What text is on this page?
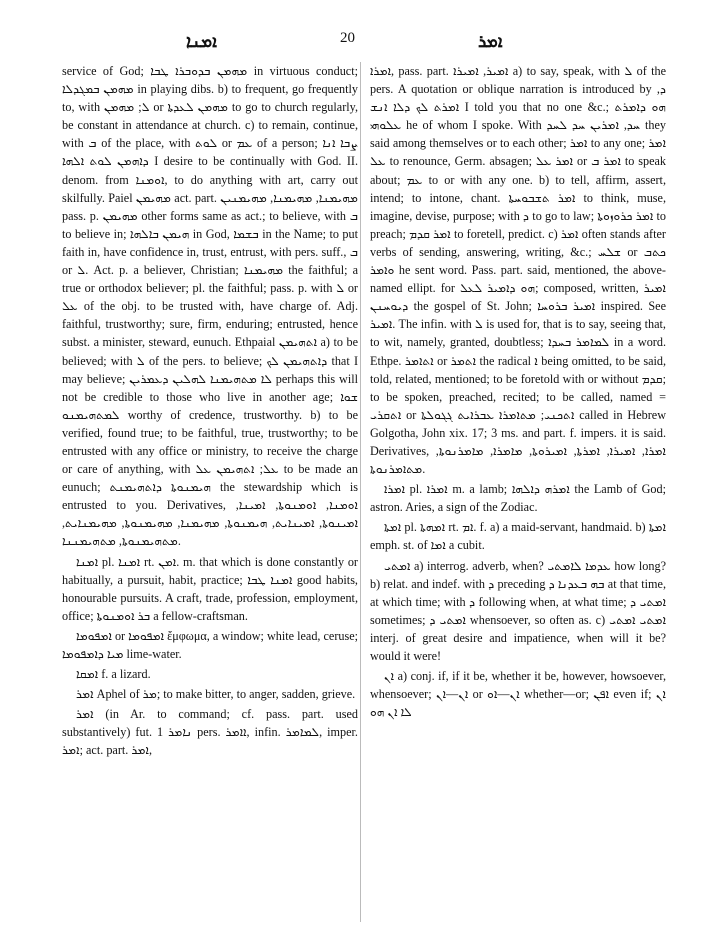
ܐܡܢܐ	20	ܐܡܪ

service of God; ܡܗܡܢ ܒܕܘܒܪܐ ܛܒܐ in virtuous conduct; ܡܗܡܢ ܒܡܓܕܠܐ in playing dibs. b) to frequent, go frequently to, with ܠ; ܡܗܡܢ or ܡܗܡܢ ܠܥܕܬܐ to go to church regularly, be constant in attendance at church. c) to remain, continue, with ܒ of the place, with ܠܘܬ or ܥܡ of a person; ܨܒܐ ܐܢܐ ܕܐܗܡܢ ܠܘܬ ܐܠܗܐ I desire to be continually with God. II. denom. from ܐܘܡܢܐ, to do anything with art, carry out skilfully. Paiel ܡܗܝܡܢ act. part. ܡܗܝܡܢܐ, ܡܗܝܡܢܐ, ܡܗܝܡܢܝܢ pass. p. ܡܗܝܡܢ other forms same as act.; to believe, with ܒ to believe in; ܗܝܡܢ ܒܐܠܗܐ in God, ܒܫܡܐ in the Name; to put faith in, have confidence in, trust, entrust, with pers. suff., ܒ or ܠ. Act. p. a believer, Christian; ܡܗܝܡܢܐ the faithful; a true or orthodox believer; pl. the faithful; pass. p. with ܠ or ܥܠ of the obj. to be trusted with, have charge of. Adj. faithful, trustworthy; sure, firm, enduring; entrusted, hence subst. a minister, steward, eunuch. Ethpaial ܐܬܗܝܡܢ a) to be believed; with ܠ of the pers. to believe; ܕܐܬܗܝܡܢ ܠܟ that I may believe; ܠܐ ܡܬܗܝܡܢܐ ܠܗܠܝܢ ܕܥܡܪܝܢ perhaps this will not be credible to those who live in another age; ܫܘܐ ܠܡܬܗܝܡܢܘ worthy of credence, trustworthy. b) to be verified, found true; to be faithful, true, trustworthy; to be entrusted with any office or ministry, to receive the charge or care of anything, with ܥܠ; ܐܬܗܝܡܢ ܥܠ to be made an eunuch; ܗܝܡܢܘܬܐ ܕܐܬܗܝܡܢܬ the stewardship which is entrusted to you. Derivatives, ܐܘܡܢܐ, ܐܘܡܢܘܬܐ, ܐܡܝܢܐ, ܐܡܝܢܘܬܐ, ܐܡܝܢܐܝܬ, ܗܝܡܢܘܬܐ, ܡܗܝܡܢܐ, ܡܗܝܡܢܘܬܐ, ܡܗܝܡܢܐܝܬ, ܡܬܗܝܡܢܘܬܐ, ܡܬܗܝܡܢܢܐ.

ܐܡܢܐ pl. ܐܡܢܐ rt. ܐܡܢ. m. that which is done constantly or habitually, a pursuit, habit, practice; ܐܡܢܐ ܛܒܐ good habits, honourable pursuits. A craft, trade, profession, employment, office; ܒܪ ܐܘܡܢܘܬܐ a fellow-craftsman.

ܐܡܦܘܡܐ or ܐܡܦܘܡܐ ἔμφωμα, a window; white lead, ceruse; ܡܝܐ ܕܐܡܦܘܡܐ lime-water.

ܐܡܩܐ f. a lizard.

ܐܡܪ Aphel of ܡܪ; to make bitter, to anger, sadden, grieve.

ܐܡܪ (in Ar. to command; cf. pass. part. used substantively) fut. ܢܐܡܪ 1 pers. ܐܐܡܪ, infin. ܠܡܐܡܪ, imper. ܐܡܪ; act. part. ܐܡܪ,

ܐܡܪܐ, pass. part. ܐܡܝܪ, ܐܡܝܪܐ a) to say, speak, with ܠ of the pers. A quotation or oblique narration is introduced by ܕ, ܐܡܪܬ ܠܟ ܕܠܐ ܐܢܫ I told you that no one &c.; ܗܘ ܕܐܡܪܬ ܥܠܘܗܝ he of whom I spoke. With ܚܕ, ܐܡܪܝܢ ܚܕ ܠܚܕ they said among themselves or to each other; ܐܡܪ to any one; ܐܡܪ ܥܠ to renounce, Germ. absagen; ܐܡܪ ܥܠ or ܐܡܪ ܒ to speak about; ܥܡ to or with any one. b) to tell, affirm, assert, intend; to intone, chant. ܐܡܪ ܬܫܒܘܚܬܐ to think, muse, imagine, devise, purpose; with ܕ to go to law; ܐܡܪ ܟܪܘܙܘܬܐ to preach; ܐܡܪ ܩܕܡ to foretell, predict. c) ܐܡܪ often stands after verbs of sending, answering, writing, &c.; ܫܠܚ or ܟܬܒ ܘܐܡܪ he sent word. Pass. part. said, mentioned, the above-named ellipt. for ܗܘ ܕܐܡܝܪ ܠܥܠ; composed, written, ܐܡܝܪ ܕܝܘܚܢܢ the gospel of St. John; ܐܡܝܪ ܒܪܘܚܐ inspired. See ܐܡܝܪ. The infin. with ܠ is used for, that is to say, seeing that, to wit, namely, granted, doubtless; ܠܡܐܡܪ ܒܚܕܐ in a word. Ethpe. ܐܬܐܡܪ or ܐܬܡܪ the radical ܐ being omitted, to be said, told, related, mentioned; to be foretold with or without ܩܕܡ; to be spoken, preached, recited; to be called, named = ܐܬܩܪܝ or ܐܬܟܢܝ; ܡܬܐܡܪܐ ܥܒܪܐܝܬ ܓܓܘܠܬܐ called in Hebrew Golgotha, John xix. 17; 3 ms. and part. f. impers. it is said. Derivatives, ܐܡܪܐ, ܐܡܝܪܐ, ܐܡܪܬܐ, ܐܡܝܪܘܬܐ, ܡܐܡܪܐ, ܡܐܡܪܢܘܬܐ, ܡܬܐܡܪܢܘܬܐ.

ܐܡܪܐ pl. ܐܡܪܐ m. a lamb; ܐܡܪܗ ܕܐܠܗܐ the Lamb of God; astron. Aries, a sign of the Zodiac.

ܐܡܬܐ pl. ܐܡܗܬܐ rt. ܐܡ. f. a) a maid-servant, handmaid. b) ܐܡܬܐ emph. st. of ܐܡܐ a cubit.

ܐܡܬܝ a) interrog. adverb, when? ܥܕܡܐ ܠܐܡܬܝ how long? b) relat. and indef. with ܕ preceding ܒܗ ܒܥܕܢܐ ܕ at that time, at which time; with ܕ following when, at what time; ܐܡܬܝ ܕ sometimes; ܐܡܬܝ ܕ whensoever, so often as. c) ܐܡܬܝ ܐܡܬܝ interj. of great desire and impatience, when will it be? would it were!

ܐܢ a) conj. if, if it be, whether it be, however, howsoever, whensoever; ܐܢ—ܐܢ or ܐܢ—ܐܘ whether—or; ܐܦܢ even if; ܐܢ ܠܐ ܐܢ ܗܘ
